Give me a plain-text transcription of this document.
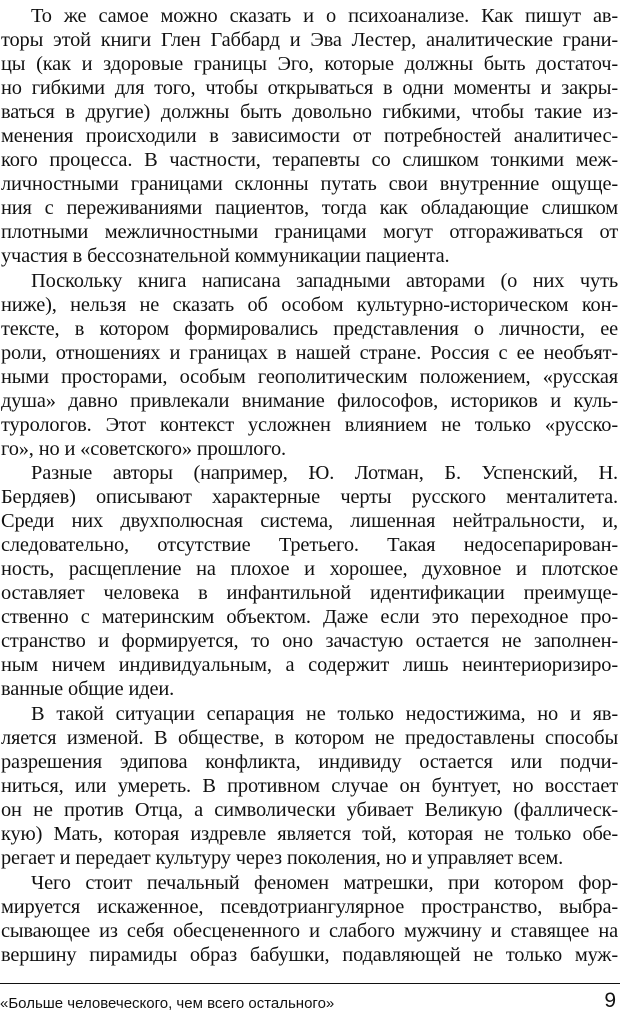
То же самое можно сказать и о психоанализе. Как пишут ав-
торы этой книги Глен Габбард и Эва Лестер, аналитические грани-
цы (как и здоровые границы Эго, которые должны быть достаточ-
но гибкими для того, чтобы открываться в одни моменты и закры-
ваться в другие) должны быть довольно гибкими, чтобы такие из-
менения происходили в зависимости от потребностей аналитичес-
кого процесса. В частности, терапевты со слишком тонкими меж-
личностными границами склонны путать свои внутренние ощуще-
ния с переживаниями пациентов, тогда как обладающие слишком
плотными межличностными границами могут отгораживаться от
участия в бессознательной коммуникации пациента.
Поскольку книга написана западными авторами (о них чуть
ниже), нельзя не сказать об особом культурно-историческом кон-
тексте, в котором формировались представления о личности, ее
роли, отношениях и границах в нашей стране. Россия с ее необъят-
ными просторами, особым геополитическим положением, «русская
душа» давно привлекали внимание философов, историков и куль-
турологов. Этот контекст усложнен влиянием не только «русско-
го», но и «советского» прошлого.
Разные авторы (например, Ю. Лотман, Б. Успенский, Н.
Бердяев) описывают характерные черты русского менталитета.
Среди них двухполюсная система, лишенная нейтральности, и,
следовательно, отсутствие Третьего. Такая недосепарирован-
ность, расщепление на плохое и хорошее, духовное и плотское
оставляет человека в инфантильной идентификации преимуще-
ственно с материнским объектом. Даже если это переходное про-
странство и формируется, то оно зачастую остается не заполнен-
ным ничем индивидуальным, а содержит лишь неинтериоризиро-
ванные общие идеи.
В такой ситуации сепарация не только недостижима, но и яв-
ляется изменой. В обществе, в котором не предоставлены способы
разрешения эдипова конфликта, индивиду остается или подчи-
ниться, или умереть. В противном случае он бунтует, но восстает
он не против Отца, а символически убивает Великую (фаллическ-
кую) Мать, которая издревле является той, которая не только обе-
регает и передает культуру через поколения, но и управляет всем.
Чего стоит печальный феномен матрешки, при котором фор-
мируется искаженное, псевдотриангулярное пространство, выбра-
сывающее из себя обесцененного и слабого мужчину и ставящее на
вершину пирамиды образ бабушки, подавляющей не только муж-
«Больше человеческого, чем всего остального»	9
